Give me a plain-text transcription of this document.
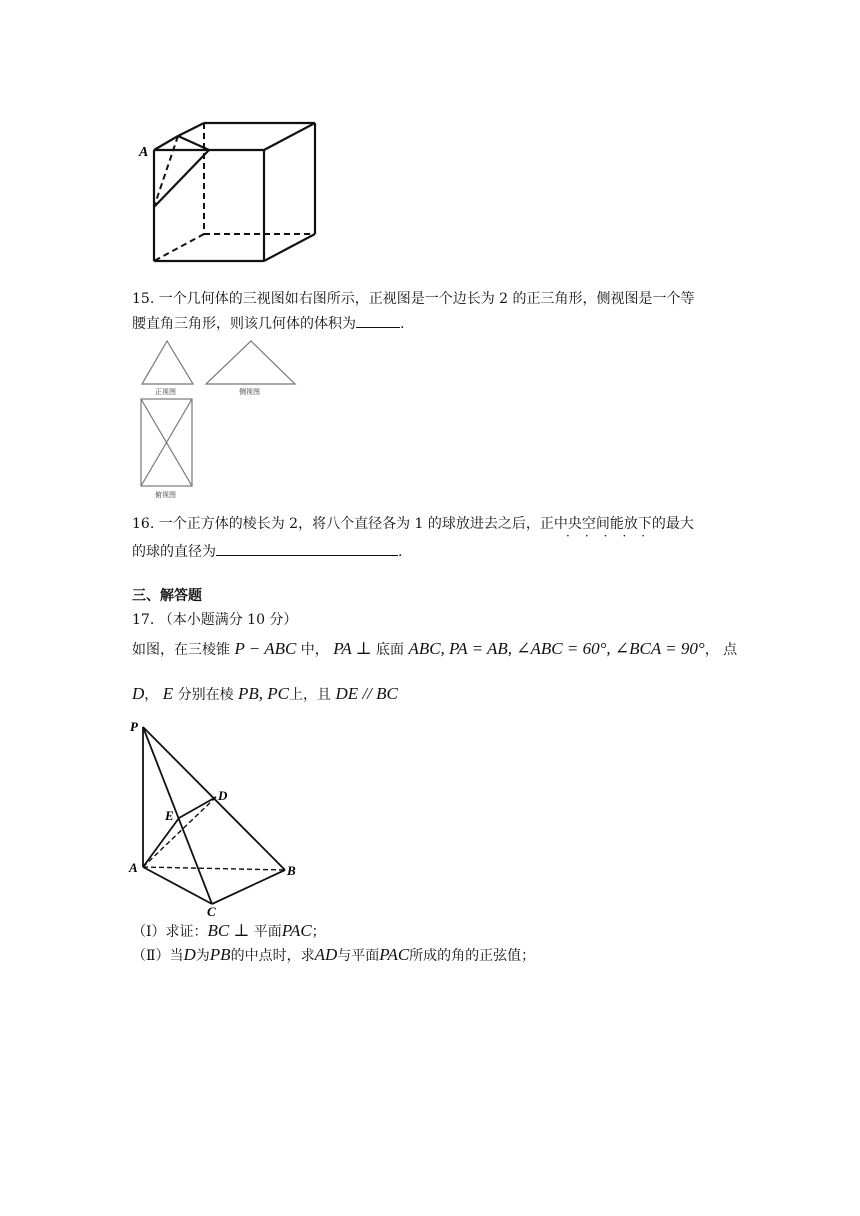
A
15. 一个几何体的三视图如右图所示，正视图是一个边长为 2 的正三角形，侧视图是一个等
腰直角三角形，则该几何体的体积为	.
正视图	侧视图
俯视图
16. 一个正方体的棱长为 2，将八个直径各为 1 的球放进去之后，正中央空间能放下的最大
·····
的球的直径为	.
三、解答题
17. （本小题满分 10 分）
如图，在三棱锥 P − ABC 中， PA ⊥ 底面 ABC, PA = AB, ∠ABC = 60°, ∠BCA = 90°， 点
D， E 分别在棱 PB, PC上，且 DE // BC
P
D
E
A	B
C
（Ⅰ）求证：BC ⊥ 平面PAC；
（Ⅱ）当D为PB的中点时，求AD与平面PAC所成的角的正弦值；
